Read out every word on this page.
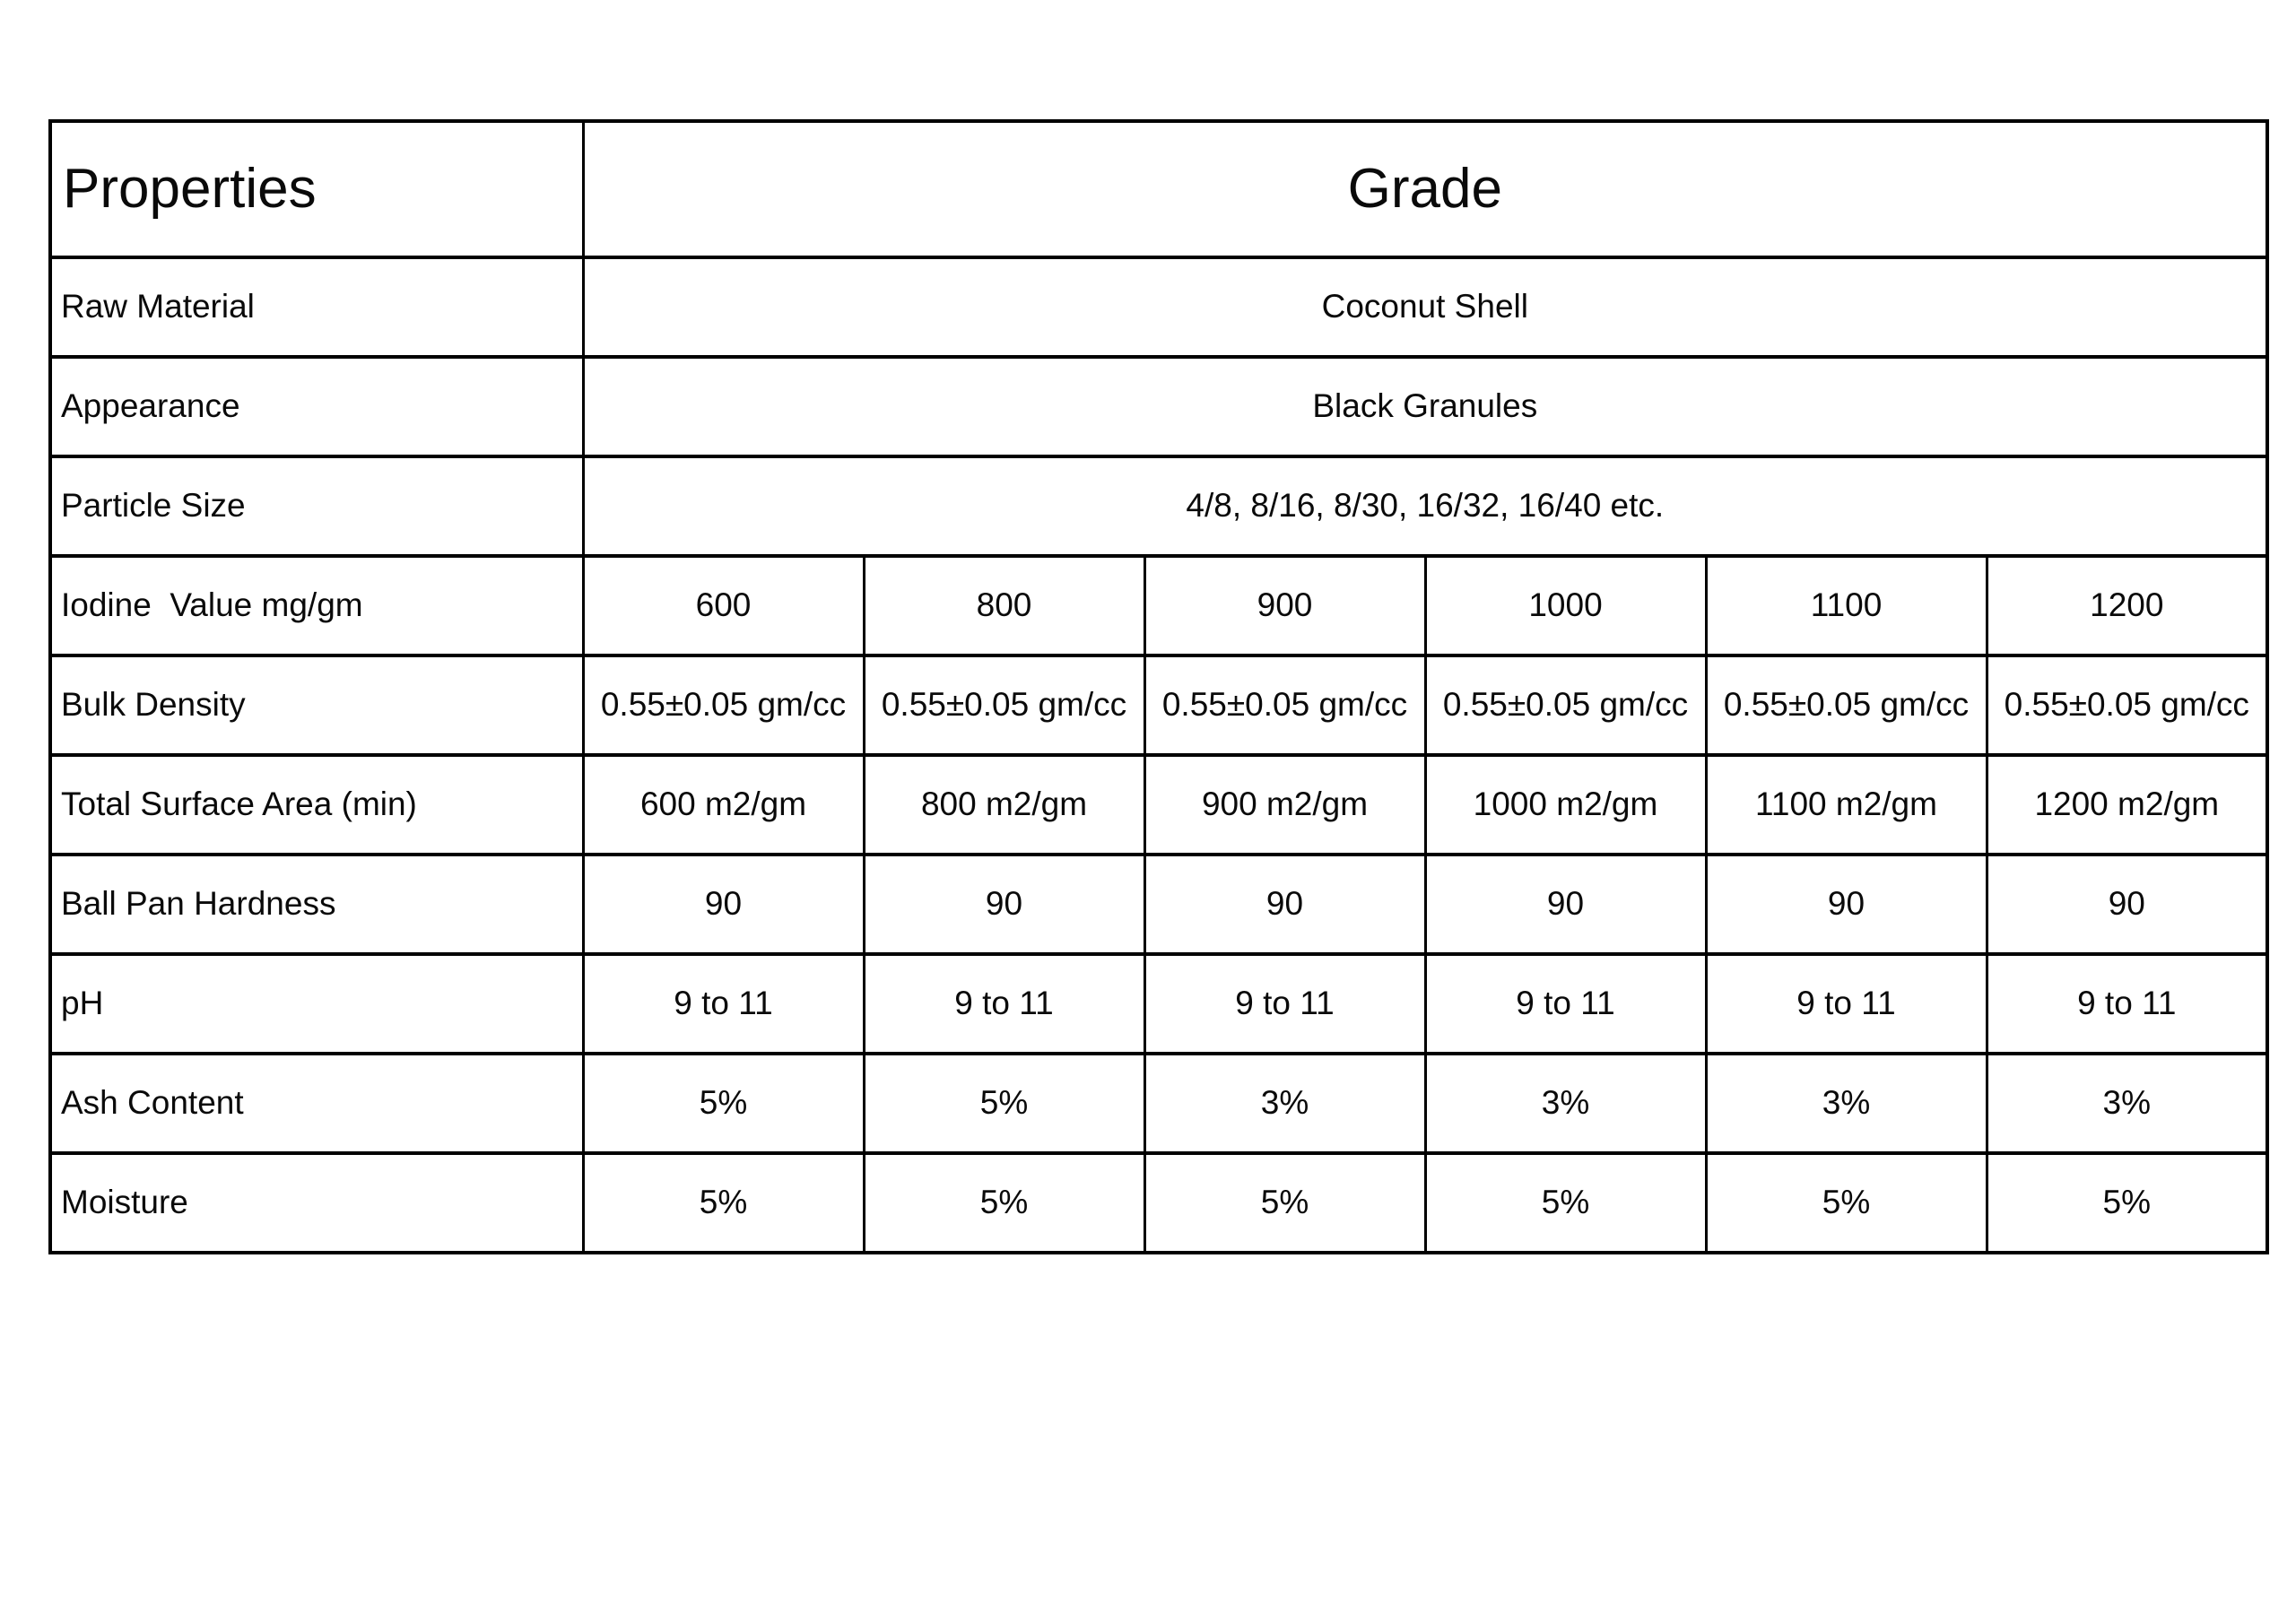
Properties	Grade					
Raw Material	Coconut Shell					
Appearance	Black Granules					
Particle Size	4/8, 8/16, 8/30, 16/32, 16/40 etc.					
Iodine  Value mg/gm	600	800	900	1000	1100	1200
Bulk Density	0.55±0.05 gm/cc	0.55±0.05 gm/cc	0.55±0.05 gm/cc	0.55±0.05 gm/cc	0.55±0.05 gm/cc	0.55±0.05 gm/cc
Total Surface Area (min)	600 m2/gm	800 m2/gm	900 m2/gm	1000 m2/gm	1100 m2/gm	1200 m2/gm
Ball Pan Hardness	90	90	90	90	90	90
pH	9 to 11	9 to 11	9 to 11	9 to 11	9 to 11	9 to 11
Ash Content	5%	5%	3%	3%	3%	3%
Moisture	5%	5%	5%	5%	5%	5%
